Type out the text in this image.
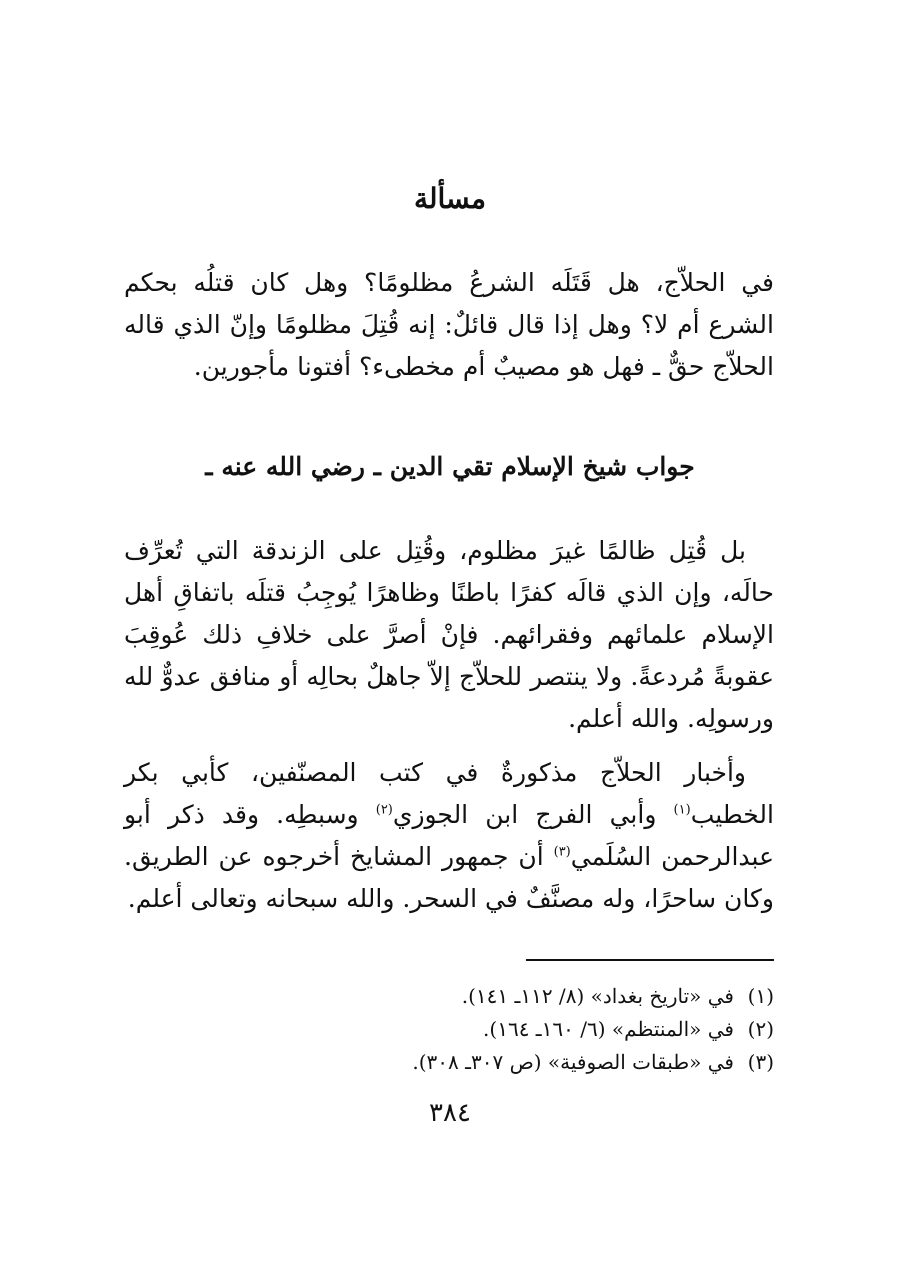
مسألة

في الحلاّج، هل قَتَلَه الشرعُ مظلومًا؟ وهل كان قتلُه بحكم الشرع أم لا؟ وهل إذا قال قائلٌ: إنه قُتِلَ مظلومًا وإنّ الذي قاله الحلاّج حقٌّ ـ فهل هو مصيبٌ أم مخطىء؟ أفتونا مأجورين.

جواب شيخ الإسلام تقي الدين ـ رضي الله عنه ـ

بل قُتِل ظالمًا غيرَ مظلوم، وقُتِل على الزندقة التي تُعرِّف حالَه، وإن الذي قالَه كفرًا باطنًا وظاهرًا يُوجِبُ قتلَه باتفاقِ أهل الإسلام علمائهم وفقرائهم. فإنْ أصرَّ على خلافِ ذلك عُوقِبَ عقوبةً مُردعةً. ولا ينتصر للحلاّج إلاّ جاهلٌ بحالِه أو منافق عدوٌّ لله ورسولِه. والله أعلم.

وأخبار الحلاّج مذكورةٌ في كتب المصنّفين، كأبي بكر الخطيب$^{(١)}$ وأبي الفرج ابن الجوزي$^{(٢)}$ وسبطِه. وقد ذكر أبو عبدالرحمن السُلَمي$^{(٣)}$ أن جمهور المشايخ أخرجوه عن الطريق. وكان ساحرًا، وله مصنَّفٌ في السحر. والله سبحانه وتعالى أعلم.

(١)في «تاريخ بغداد» (٨/ ١١٢ـ ١٤١).
(٢)في «المنتظم» (٦/ ١٦٠ـ ١٦٤).
(٣)في «طبقات الصوفية» (ص ٣٠٧ـ ٣٠٨).
٣٨٤
